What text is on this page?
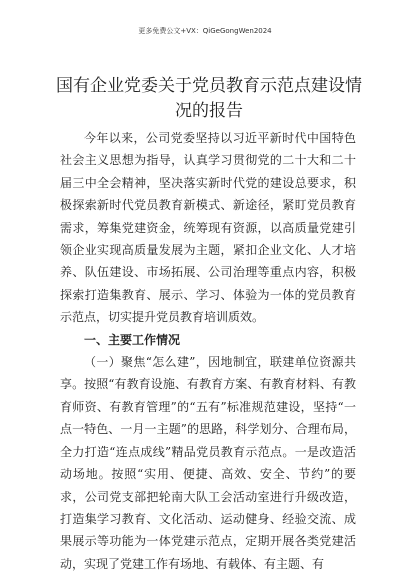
更多免费公文+VX：QiGeGongWen2024
国有企业党委关于党员教育示范点建设情况的报告

今年以来，公司党委坚持以习近平新时代中国特色社会主义思想为指导，认真学习贯彻党的二十大和二十届三中全会精神，坚决落实新时代党的建设总要求，积极探索新时代党员教育新模式、新途径，紧盯党员教育需求，筹集党建资金，统筹现有资源，以高质量党建引领企业实现高质量发展为主题，紧扣企业文化、人才培养、队伍建设、市场拓展、公司治理等重点内容，积极探索打造集教育、展示、学习、体验为一体的党员教育示范点，切实提升党员教育培训质效。

一、主要工作情况

（一）聚焦“怎么建”，因地制宜，联建单位资源共享。按照“有教育设施、有教育方案、有教育材料、有教育师资、有教育管理”的“五有”标准规范建设，坚持“一点一特色、一月一主题”的思路，科学划分、合理布局，全力打造“连点成线”精品党员教育示范点。一是改造活动场地。按照“实用、便捷、高效、安全、节约”的要求，公司党支部把轮南大队工会活动室进行升级改造，打造集学习教育、文化活动、运动健身、经验交流、成果展示等功能为一体党建示范点，定期开展各类党建活动，实现了党建工作有场地、有载体、有主题、有
